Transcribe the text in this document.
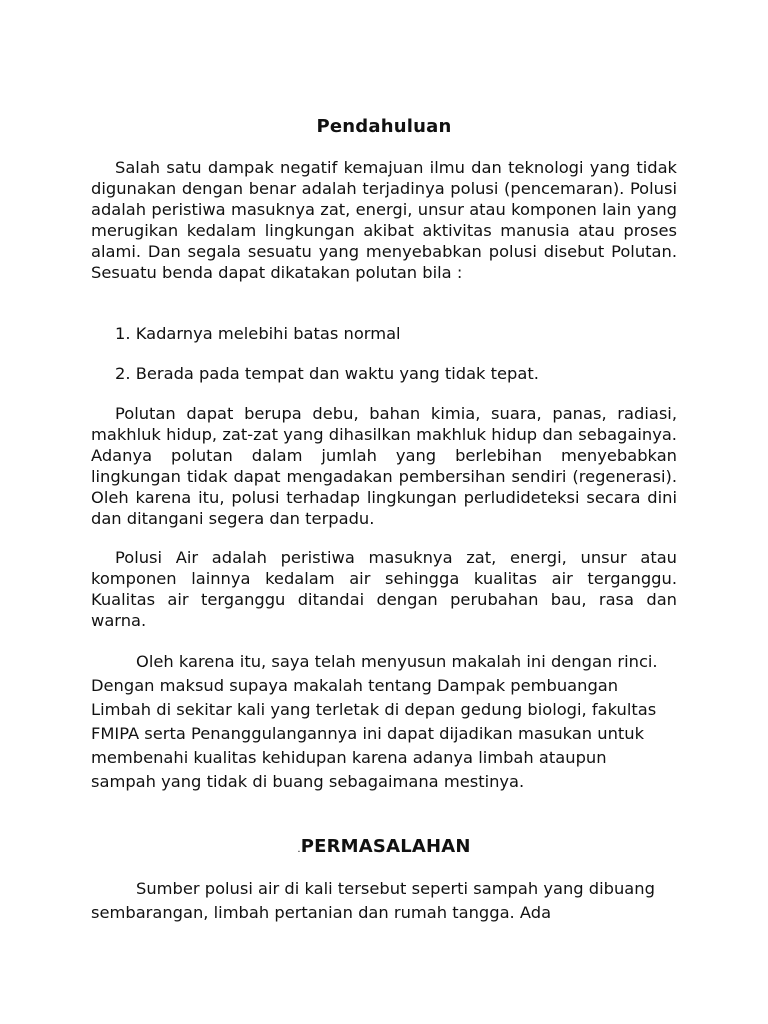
Pendahuluan

Salah satu dampak negatif kemajuan ilmu dan teknologi yang tidak digunakan dengan benar adalah terjadinya polusi (pencemaran). Polusi adalah peristiwa masuknya zat, energi, unsur atau komponen lain yang merugikan kedalam lingkungan akibat aktivitas manusia atau proses alami. Dan segala sesuatu yang menyebabkan polusi disebut Polutan. Sesuatu benda dapat dikatakan polutan bila :

1. Kadarnya melebihi batas normal

2. Berada pada tempat dan waktu yang tidak tepat.

Polutan dapat berupa debu, bahan kimia, suara, panas, radiasi, makhluk hidup, zat-zat yang dihasilkan makhluk hidup dan sebagainya. Adanya polutan dalam jumlah yang berlebihan menyebabkan lingkungan tidak dapat mengadakan pembersihan sendiri (regenerasi). Oleh karena itu, polusi terhadap lingkungan perludideteksi secara dini dan ditangani segera dan terpadu.

Polusi Air adalah peristiwa masuknya zat, energi, unsur atau komponen lainnya kedalam air sehingga kualitas air terganggu. Kualitas air terganggu ditandai dengan perubahan bau, rasa dan warna.

Oleh karena itu, saya telah menyusun makalah ini dengan rinci. Dengan maksud supaya makalah tentang Dampak pembuangan Limbah di sekitar kali yang terletak di depan gedung biologi, fakultas FMIPA serta Penanggulangannya ini dapat dijadikan masukan untuk membenahi kualitas kehidupan karena adanya limbah ataupun sampah yang tidak di buang sebagaimana mestinya.

.PERMASALAHAN

Sumber polusi air di kali tersebut seperti sampah yang dibuang sembarangan, limbah pertanian dan rumah tangga. Ada
